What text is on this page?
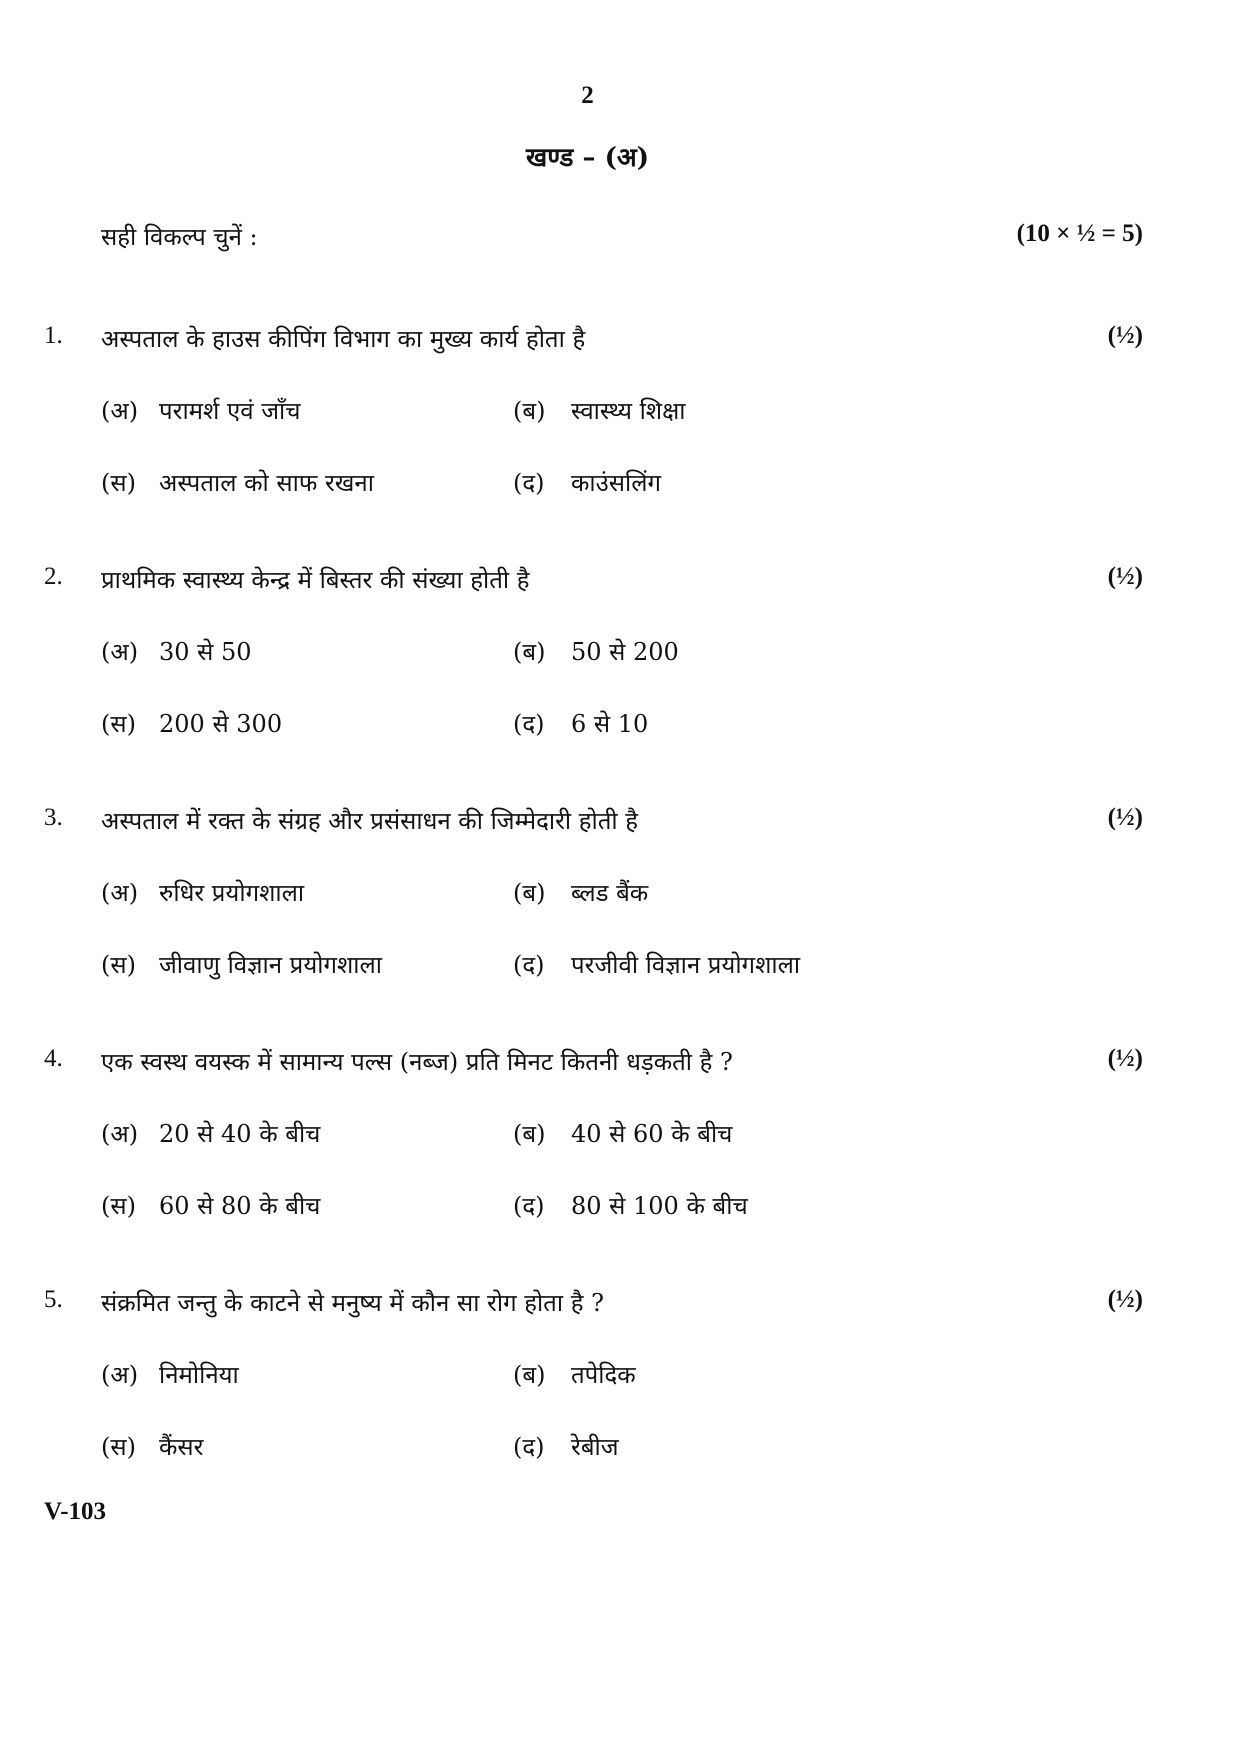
2
खण्ड – (अ)
सही विकल्प चुनें :	(10 × ½ = 5)
1. अस्पताल के हाउस कीपिंग विभाग का मुख्य कार्य होता है	(½)
(अ) परामर्श एवं जाँच	(ब) स्वास्थ्य शिक्षा
(स) अस्पताल को साफ रखना	(द) काउंसलिंग
2. प्राथमिक स्वास्थ्य केन्द्र में बिस्तर की संख्या होती है	(½)
(अ) 30 से 50	(ब) 50 से 200
(स) 200 से 300	(द) 6 से 10
3. अस्पताल में रक्त के संग्रह और प्रसंसाधन की जिम्मेदारी होती है	(½)
(अ) रुधिर प्रयोगशाला	(ब) ब्लड बैंक
(स) जीवाणु विज्ञान प्रयोगशाला	(द) परजीवी विज्ञान प्रयोगशाला
4. एक स्वस्थ वयस्क में सामान्य पल्स (नब्ज) प्रति मिनट कितनी धड़कती है ?	(½)
(अ) 20 से 40 के बीच	(ब) 40 से 60 के बीच
(स) 60 से 80 के बीच	(द) 80 से 100 के बीच
5. संक्रमित जन्तु के काटने से मनुष्य में कौन सा रोग होता है ?	(½)
(अ) निमोनिया	(ब) तपेदिक
(स) कैंसर	(द) रेबीज
V-103
